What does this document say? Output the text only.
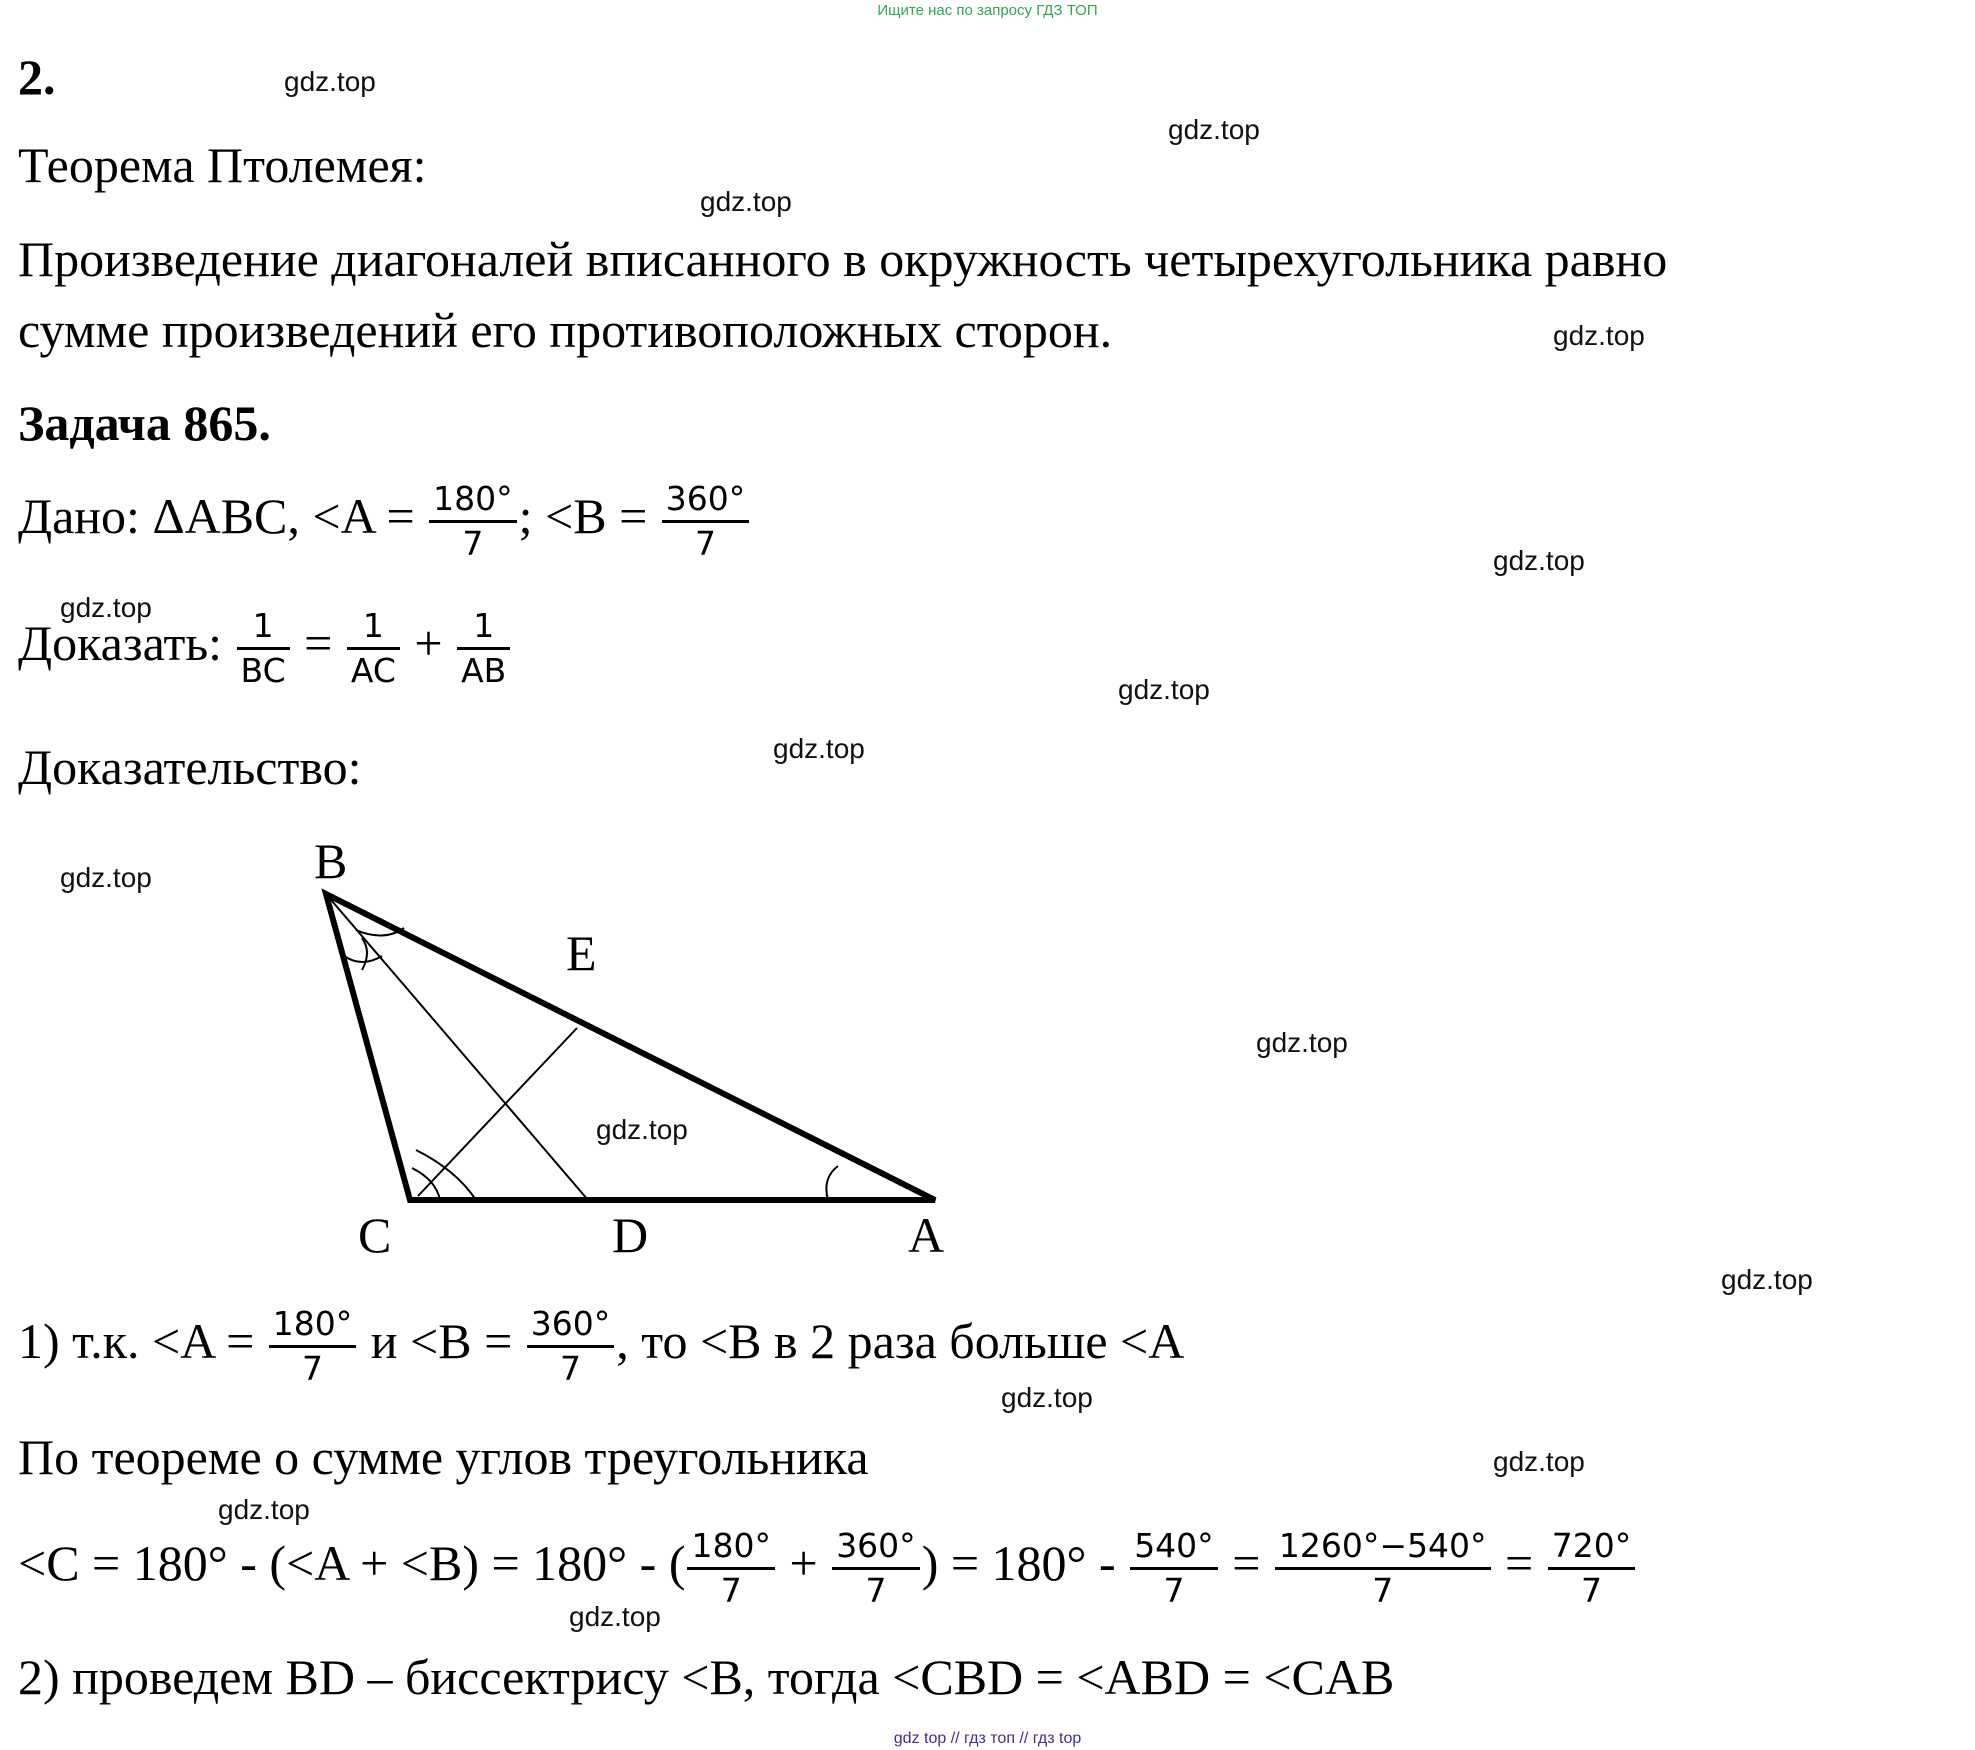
Ищите нас по запросу ГДЗ ТОП
gdz.top
gdz.top
gdz.top
gdz.top
gdz.top
gdz.top
gdz.top
gdz.top
gdz.top
gdz.top
gdz.top
gdz.top
gdz.top
gdz.top
gdz.top
gdz.top
2.
Теорема Птолемея:
Произведение диагоналей вписанного в окружность четырехугольника равно
сумме произведений его противоположных сторон.
Задача 865.
Дано: ΔABC, $<A = \frac{180^\circ}{7}$ ; $<B = \frac{360^\circ}{7}$
Доказать: $\frac{1}{BC} = \frac{1}{AC} + \frac{1}{AB}$
Доказательство:
B
E
C	D	A
1) т.к. $<A = \frac{180^\circ}{7}$ $и <B = \frac{360^\circ}{7}$ , то <B в 2 раза больше <A
По теореме о сумме углов треугольника
<C = 180° - (<A + <B) = 180° - ( $\frac{180^\circ}{7} + \frac{360^\circ}{7}$ ) = $180^\circ - \frac{540^\circ}{7} = \frac{1260^\circ-540^\circ}{7} = \frac{720^\circ}{7}$
2) проведем BD – биссектрису <B, тогда <CBD = <ABD = <CAB
gdz top // гдз топ // гдз top
